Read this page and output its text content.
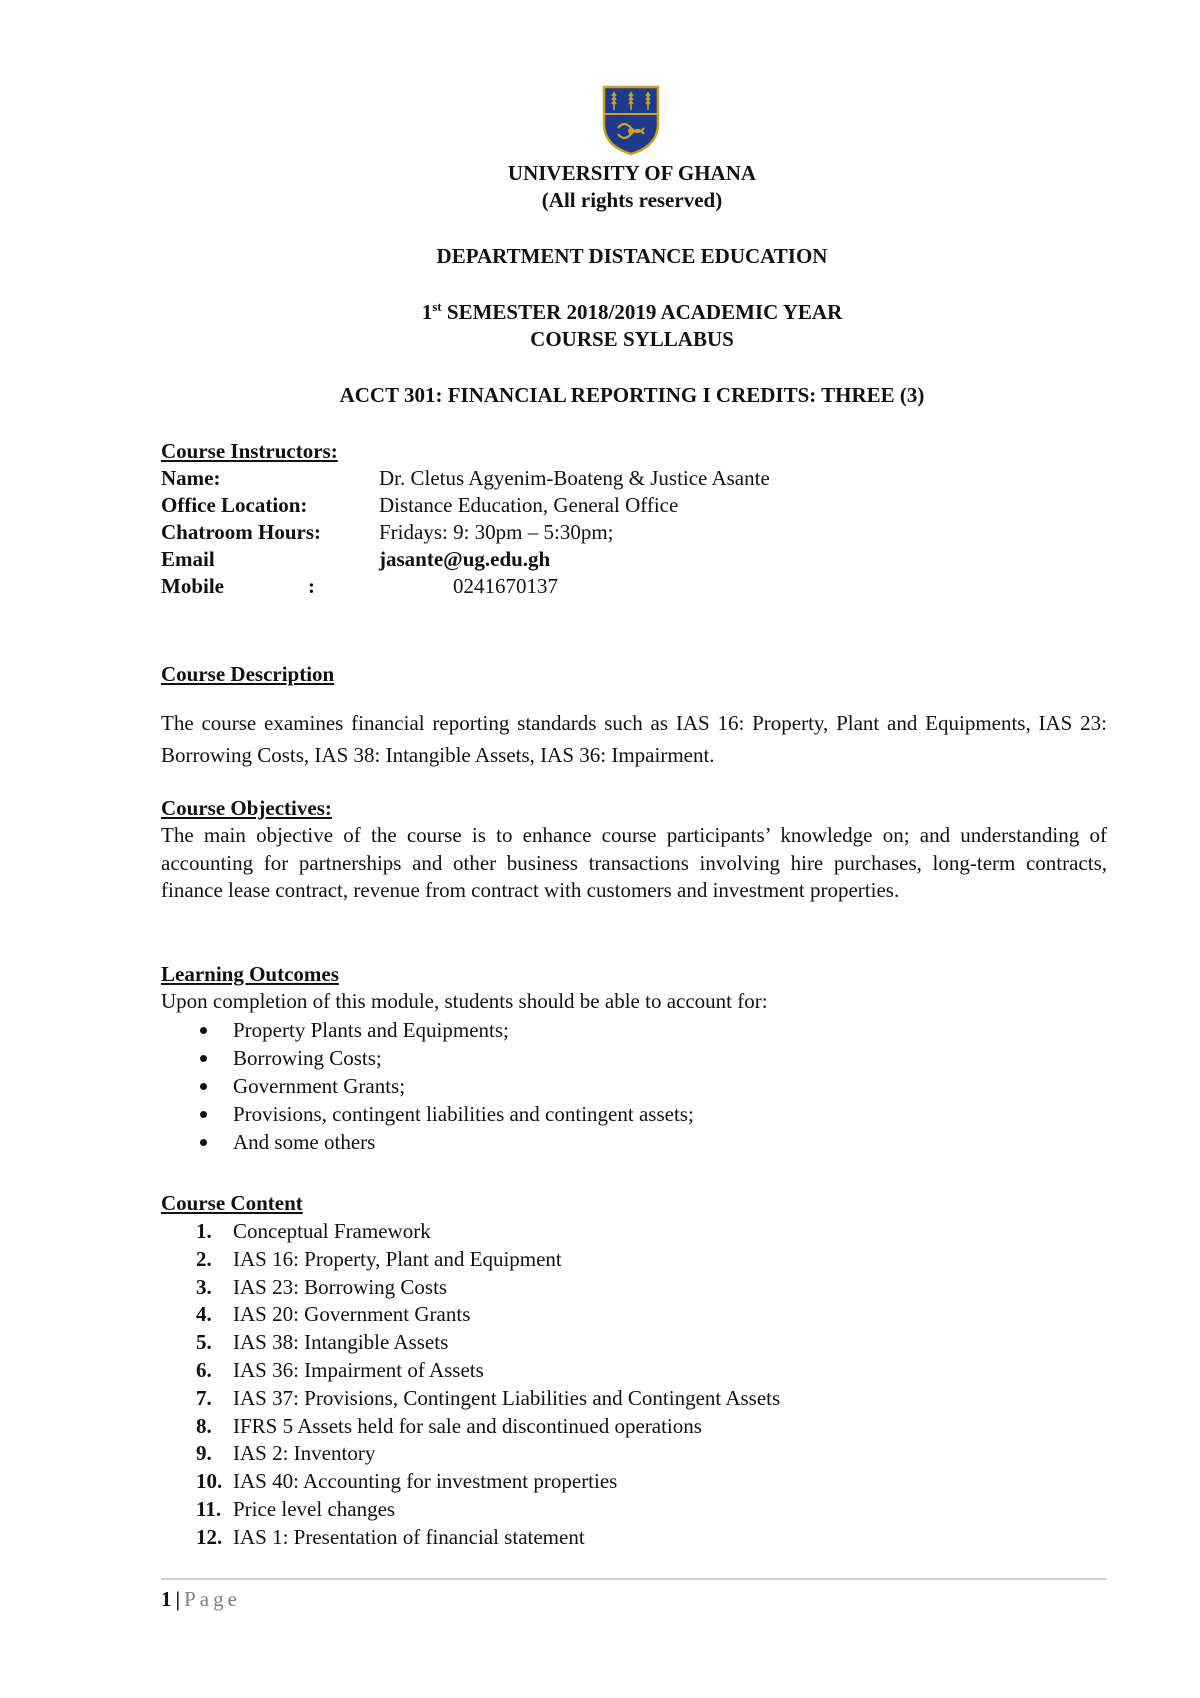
UNIVERSITY OF GHANA
(All rights reserved)
DEPARTMENT DISTANCE EDUCATION
1st SEMESTER 2018/2019 ACADEMIC YEAR
COURSE SYLLABUS
ACCT 301: FINANCIAL REPORTING I CREDITS: THREE (3)
Course Instructors:
Name:	Dr. Cletus Agyenim-Boateng & Justice Asante
Office Location:	Distance Education, General Office
Chatroom Hours:	Fridays: 9: 30pm – 5:30pm;
Email	jasante@ug.edu.gh
Mobile	:	0241670137
Course Description
The course examines financial reporting standards such as IAS 16: Property, Plant and Equipments, IAS 23: Borrowing Costs, IAS 38: Intangible Assets, IAS 36: Impairment.
Course Objectives:
The main objective of the course is to enhance course participants’ knowledge on; and understanding of accounting for partnerships and other business transactions involving hire purchases, long-term contracts, finance lease contract, revenue from contract with customers and investment properties.
Learning Outcomes
Upon completion of this module, students should be able to account for:
Property Plants and Equipments;
Borrowing Costs;
Government Grants;
Provisions, contingent liabilities and contingent assets;
And some others
Course Content
1. Conceptual Framework
2. IAS 16: Property, Plant and Equipment
3. IAS 23: Borrowing Costs
4. IAS 20: Government Grants
5. IAS 38: Intangible Assets
6. IAS 36: Impairment of Assets
7. IAS 37: Provisions, Contingent Liabilities and Contingent Assets
8. IFRS 5 Assets held for sale and discontinued operations
9. IAS 2: Inventory
10. IAS 40: Accounting for investment properties
11. Price level changes
12. IAS 1: Presentation of financial statement
1 | Page
